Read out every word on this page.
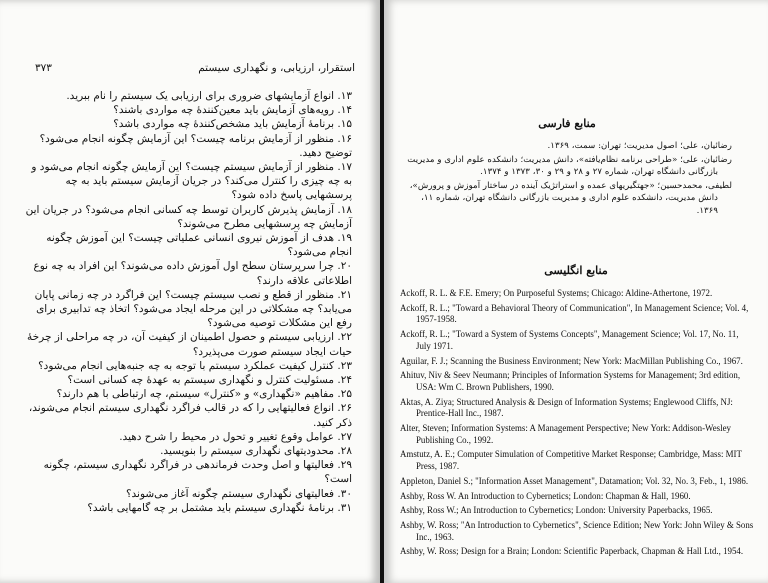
استقرار، ارزیابی، و نگهداری سیستم
۳۷۳

۱۳. انواع آزمایشهای ضروری برای ارزیابی یک سیستم را نام ببرید.

۱۴. رویه‌های آزمایش باید معین‌کنندهٔ چه مواردی باشند؟

۱۵. برنامهٔ آزمایش باید مشخص‌کنندهٔ چه مواردی باشد؟

۱۶. منظور از آزمایش برنامه چیست؟ این آزمایش چگونه انجام می‌شود؟ توضیح دهید.

۱۷. منظور از آزمایش سیستم چیست؟ این آزمایش چگونه انجام می‌شود و به چه چیزی را کنترل می‌کند؟ در جریان آزمایش سیستم باید به چه پرسشهایی پاسخ داده شود؟

۱۸. آزمایش پذیرش کاربران توسط چه کسانی انجام می‌شود؟ در جریان این آزمایش چه پرسشهایی مطرح می‌شوند؟

۱۹. هدف از آموزش نیروی انسانی عملیاتی چیست؟ این آموزش چگونه انجام می‌شود؟

۲۰. چرا سرپرستان سطح اول آموزش داده می‌شوند؟ این افراد به چه نوع اطلاعاتی علاقه دارند؟

۲۱. منظور از قطع و نصب سیستم چیست؟ این فراگرد در چه زمانی پایان می‌یابد؟ چه مشکلاتی در این مرحله ایجاد می‌شود؟ اتخاذ چه تدابیری برای رفع این مشکلات توصیه می‌شود؟

۲۲. ارزیابی سیستم و حصول اطمینان از کیفیت آن، در چه مراحلی از چرخهٔ حیات ایجاد سیستم صورت می‌پذیرد؟

۲۳. کنترل کیفیت عملکرد سیستم با توجه به چه جنبه‌هایی انجام می‌شود؟

۲۴. مسئولیت کنترل و نگهداری سیستم به عهدهٔ چه کسانی است؟

۲۵. مفاهیم «نگهداری» و «کنترل» سیستم، چه ارتباطی با هم دارند؟

۲۶. انواع فعالیتهایی را که در قالب فراگرد نگهداری سیستم انجام می‌شوند، ذکر کنید.

۲۷. عوامل وقوع تغییر و تحول در محیط را شرح دهید.

۲۸. محدودیتهای نگهداری سیستم را بنویسید.

۲۹. فعالیتها و اصل وحدت فرماندهی در فراگرد نگهداری سیستم، چگونه است؟

۳۰. فعالیتهای نگهداری سیستم چگونه آغاز می‌شوند؟

۳۱. برنامهٔ نگهداری سیستم باید مشتمل بر چه گامهایی باشد؟

منابع فارسی

رضائیان، علی؛ اصول مدیریت؛ تهران: سمت، ۱۳۶۹.

رضائیان، علی؛ «طراحی برنامه نظام‌یافته»، دانش مدیریت؛ دانشکده علوم اداری و مدیریت بازرگانی دانشگاه تهران، شماره ۲۷ و ۲۸ و ۲۹ و ۳۰، ۱۳۷۳ و ۱۳۷۴.

لطیفی، محمدحسین؛ «جهتگیریهای عمده و استراتژیک آینده در ساختار آموزش و پرورش»، دانش مدیریت، دانشکده علوم اداری و مدیریت بازرگانی دانشگاه تهران، شماره ۱۱، ۱۳۶۹.

منابع انگلیسی

Ackoff, R. L. & F.E. Emery; On Purposeful Systems; Chicago: Aldine-Athertone, 1972.

Ackoff, R. L.; "Toward a Behavioral Theory of Communication", In Management Science; Vol. 4, 1957-1958.

Ackoff, R. L.; "Toward a System of Systems Concepts", Management Science; Vol. 17, No. 11, July 1971.

Aguilar, F. J.; Scanning the Business Environment; New York: MacMillan Publishing Co., 1967.

Ahituv, Niv & Seev Neumann; Principles of Information Systems for Management; 3rd edition, USA: Wm C. Brown Publishers, 1990.

Aktas, A. Ziya; Structured Analysis & Design of Information Systems; Englewood Cliffs, NJ: Prentice-Hall Inc., 1987.

Alter, Steven; Information Systems: A Management Perspective; New York: Addison-Wesley Publishing Co., 1992.

Amstutz, A. E.; Computer Simulation of Competitive Market Response; Cambridge, Mass: MIT Press, 1987.

Appleton, Daniel S.; "Information Asset Management", Datamation; Vol. 32, No. 3, Feb., 1, 1986.

Ashby, Ross W. An Introduction to Cybernetics; London: Chapman & Hall, 1960.

Ashby, Ross W.; An Introduction to Cybernetics; London: University Paperbacks, 1965.

Ashby, W. Ross; "An Introduction to Cybernetics", Science Edition; New York: John Wiley & Sons Inc., 1963.

Ashby, W. Ross; Design for a Brain; London: Scientific Paperback, Chapman & Hall Ltd., 1954.
